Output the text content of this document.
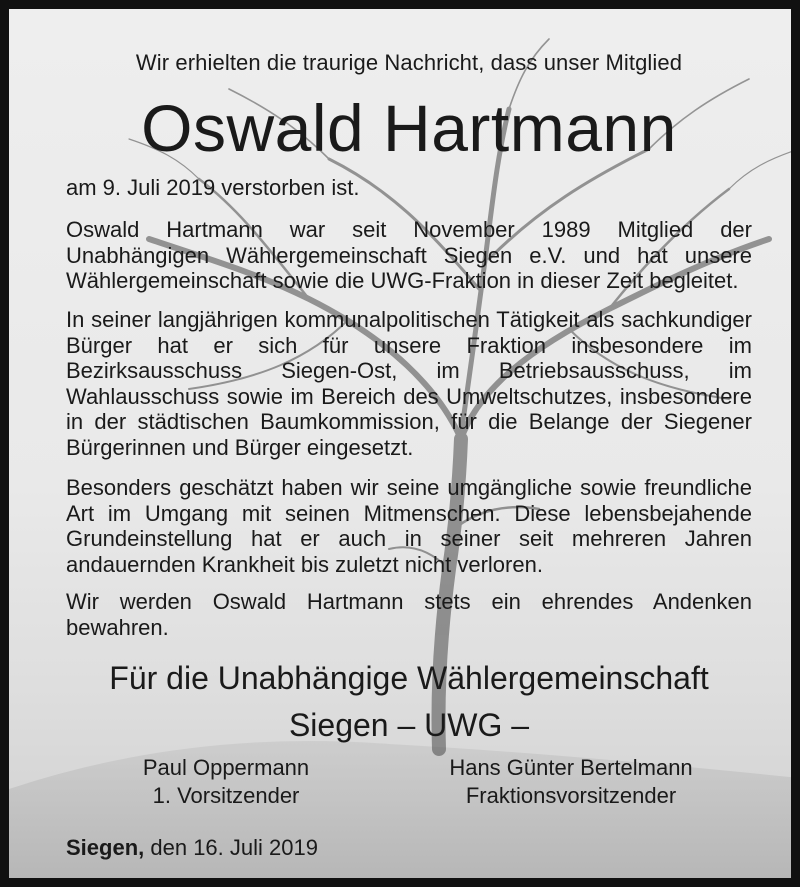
Wir erhielten die traurige Nachricht, dass unser Mitglied
Oswald Hartmann
am 9. Juli 2019 verstorben ist.
Oswald Hartmann war seit November 1989 Mitglied der Unabhängigen Wählergemeinschaft Siegen e.V. und hat unsere Wählergemeinschaft sowie die UWG-Fraktion in dieser Zeit begleitet.
In seiner langjährigen kommunalpolitischen Tätigkeit als sachkundiger Bürger hat er sich für unsere Fraktion insbesondere im Bezirksausschuss Siegen-Ost, im Betriebsausschuss, im Wahlausschuss sowie im Bereich des Umweltschutzes, insbesondere in der städtischen Baumkommission, für die Belange der Siegener Bürgerinnen und Bürger eingesetzt.
Besonders geschätzt haben wir seine umgängliche sowie freundliche Art im Umgang mit seinen Mitmenschen. Diese lebensbejahende Grundeinstellung hat er auch in seiner seit mehreren Jahren andauernden Krankheit bis zuletzt nicht verloren.
Wir werden Oswald Hartmann stets ein ehrendes Andenken bewahren.
Für die Unabhängige Wählergemeinschaft
Siegen – UWG –
Paul Oppermann
1. Vorsitzender
Hans Günter Bertelmann
Fraktionsvorsitzender
Siegen, den 16. Juli 2019
